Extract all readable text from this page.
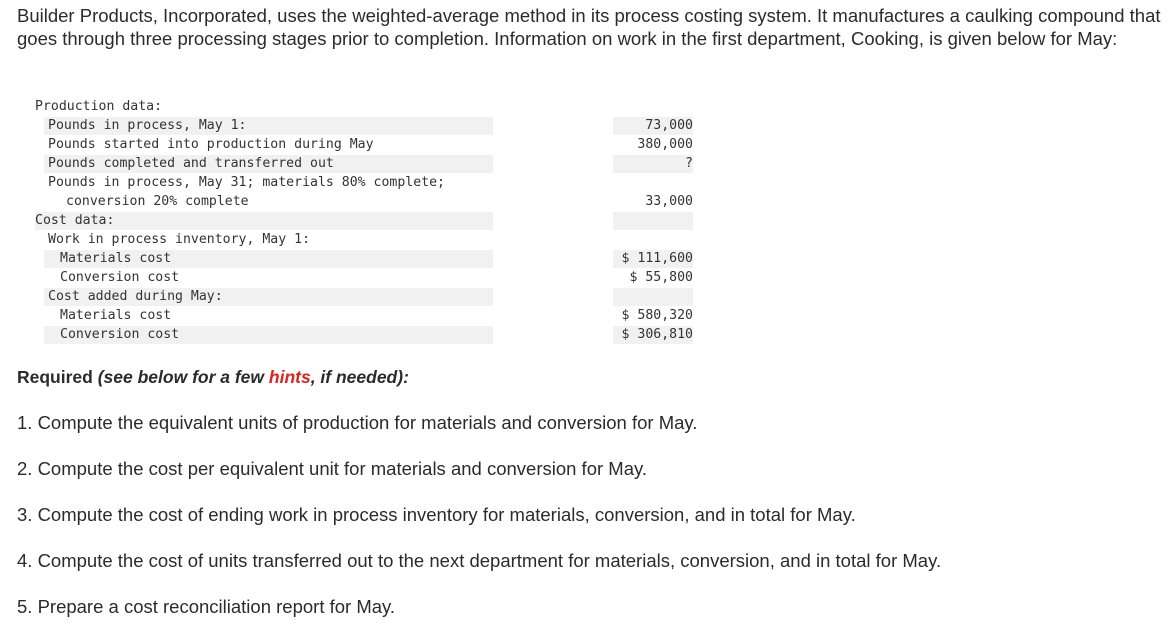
Builder Products, Incorporated, uses the weighted-average method in its process costing system. It manufactures a caulking compound that goes through three processing stages prior to completion. Information on work in the first department, Cooking, is given below for May:

Production data:
Pounds in process, May 1:	73,000
Pounds started into production during May	380,000
Pounds completed and transferred out	?
Pounds in process, May 31; materials 80% complete;
conversion 20% complete	33,000
Cost data:
Work in process inventory, May 1:
Materials cost	$ 111,600
Conversion cost	$ 55,800
Cost added during May:
Materials cost	$ 580,320
Conversion cost	$ 306,810

Required (see below for a few hints, if needed):

1. Compute the equivalent units of production for materials and conversion for May.

2. Compute the cost per equivalent unit for materials and conversion for May.

3. Compute the cost of ending work in process inventory for materials, conversion, and in total for May.

4. Compute the cost of units transferred out to the next department for materials, conversion, and in total for May.

5. Prepare a cost reconciliation report for May.
